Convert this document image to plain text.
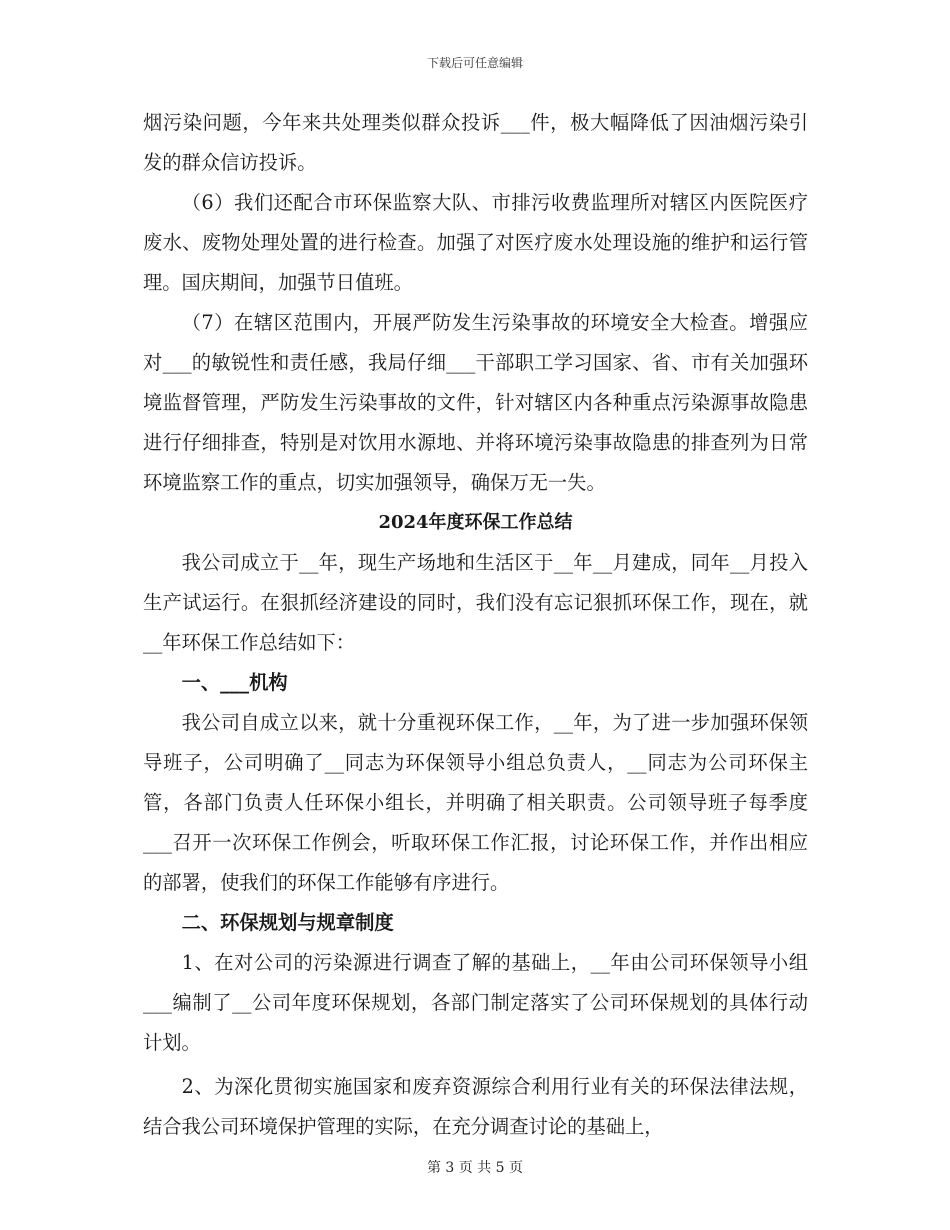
下载后可任意编辑

烟污染问题，今年来共处理类似群众投诉___件，极大幅降低了因油烟污染引发的群众信访投诉。

（6）我们还配合市环保监察大队、市排污收费监理所对辖区内医院医疗废水、废物处理处置的进行检查。加强了对医疗废水处理设施的维护和运行管理。国庆期间，加强节日值班。

（7）在辖区范围内，开展严防发生污染事故的环境安全大检查。增强应对___的敏锐性和责任感，我局仔细___干部职工学习国家、省、市有关加强环境监督管理，严防发生污染事故的文件，针对辖区内各种重点污染源事故隐患进行仔细排查，特别是对饮用水源地、并将环境污染事故隐患的排查列为日常环境监察工作的重点，切实加强领导，确保万无一失。

2024年度环保工作总结

我公司成立于__年，现生产场地和生活区于__年__月建成，同年__月投入生产试运行。在狠抓经济建设的同时，我们没有忘记狠抓环保工作，现在，就__年环保工作总结如下：

一、___机构

我公司自成立以来，就十分重视环保工作，__年，为了进一步加强环保领导班子，公司明确了__同志为环保领导小组总负责人，__同志为公司环保主管，各部门负责人任环保小组长，并明确了相关职责。公司领导班子每季度___召开一次环保工作例会，听取环保工作汇报，讨论环保工作，并作出相应的部署，使我们的环保工作能够有序进行。

二、环保规划与规章制度

1、在对公司的污染源进行调查了解的基础上，__年由公司环保领导小组___编制了__公司年度环保规划，各部门制定落实了公司环保规划的具体行动计划。

2、为深化贯彻实施国家和废弃资源综合利用行业有关的环保法律法规，结合我公司环境保护管理的实际，在充分调查讨论的基础上，

第 3 页 共 5 页
